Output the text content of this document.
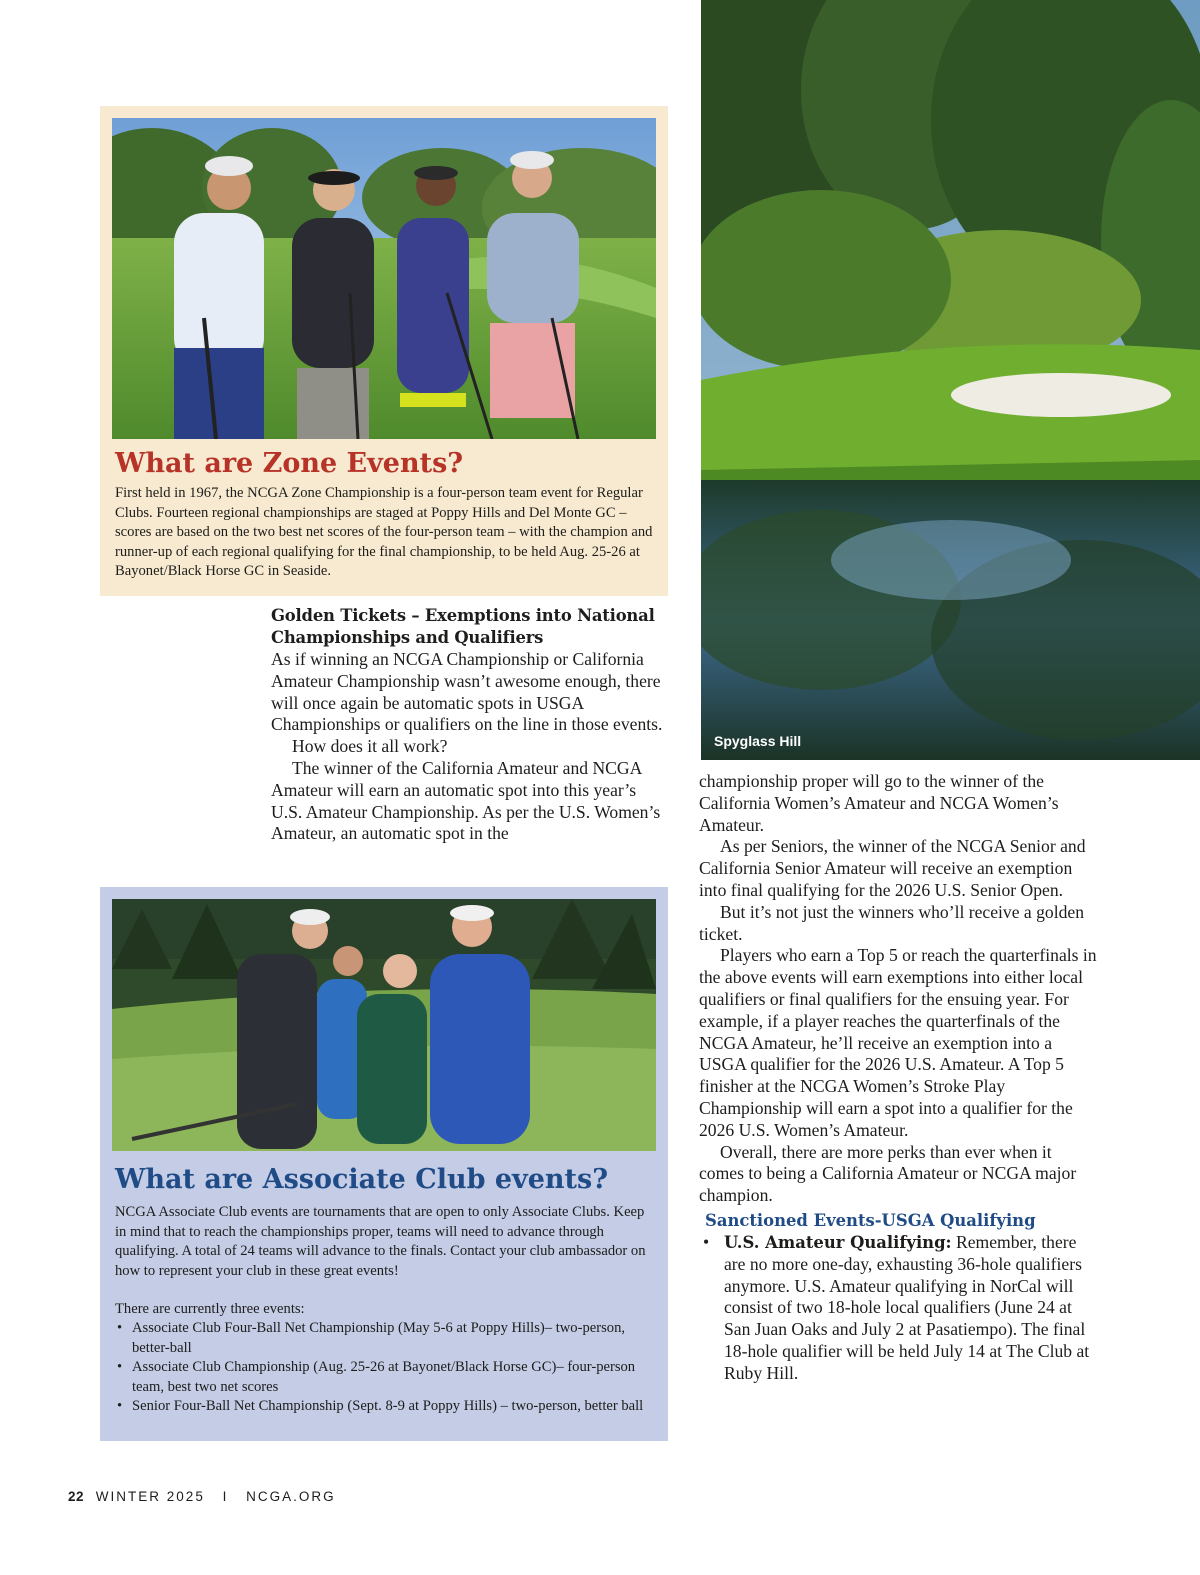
What are Zone Events?

First held in 1967, the NCGA Zone Championship is a four-person team event for Regular Clubs. Fourteen regional championships are staged at Poppy Hills and Del Monte GC – scores are based on the two best net scores of the four-person team – with the champion and runner-up of each regional qualifying for the final championship, to be held Aug. 25-26 at Bayonet/Black Horse GC in Seaside.

Golden Tickets – Exemptions into National Championships and Qualifiers

As if winning an NCGA Championship or California Amateur Championship wasn’t awesome enough, there will once again be automatic spots in USGA Championships or qualifiers on the line in those events.

How does it all work?

The winner of the California Amateur and NCGA Amateur will earn an automatic spot into this year’s U.S. Amateur Championship. As per the U.S. Women’s Amateur, an automatic spot in the

What are Associate Club events?

NCGA Associate Club events are tournaments that are open to only Associate Clubs. Keep in mind that to reach the championships proper, teams will need to advance through qualifying. A total of 24 teams will advance to the finals. Contact your club ambassador on how to represent your club in these great events!

There are currently three events:

• Associate Club Four-Ball Net Championship (May 5-6 at Poppy Hills)– two-person, better-ball
• Associate Club Championship (Aug. 25-26 at Bayonet/Black Horse GC)– four-person team, best two net scores
• Senior Four-Ball Net Championship (Sept. 8-9 at Poppy Hills) – two-person, better ball
Spyglass Hill

championship proper will go to the winner of the California Women’s Amateur and NCGA Women’s Amateur.

As per Seniors, the winner of the NCGA Senior and California Senior Amateur will receive an exemption into final qualifying for the 2026 U.S. Senior Open.

But it’s not just the winners who’ll receive a golden ticket.

Players who earn a Top 5 or reach the quarterfinals in the above events will earn exemptions into either local qualifiers or final qualifiers for the ensuing year. For example, if a player reaches the quarterfinals of the NCGA Amateur, he’ll receive an exemption into a USGA qualifier for the 2026 U.S. Amateur. A Top 5 finisher at the NCGA Women’s Stroke Play Championship will earn a spot into a qualifier for the 2026 U.S. Women’s Amateur.

Overall, there are more perks than ever when it comes to being a California Amateur or NCGA major champion.

Sanctioned Events-USGA Qualifying
• U.S. Amateur Qualifying: Remember, there are no more one-day, exhausting 36-hole qualifiers anymore. U.S. Amateur qualifying in NorCal will consist of two 18-hole local qualifiers (June 24 at San Juan Oaks and July 2 at Pasatiempo). The final 18-hole qualifier will be held July 14 at The Club at Ruby Hill.
22 WINTER 2025 I NCGA.ORG
